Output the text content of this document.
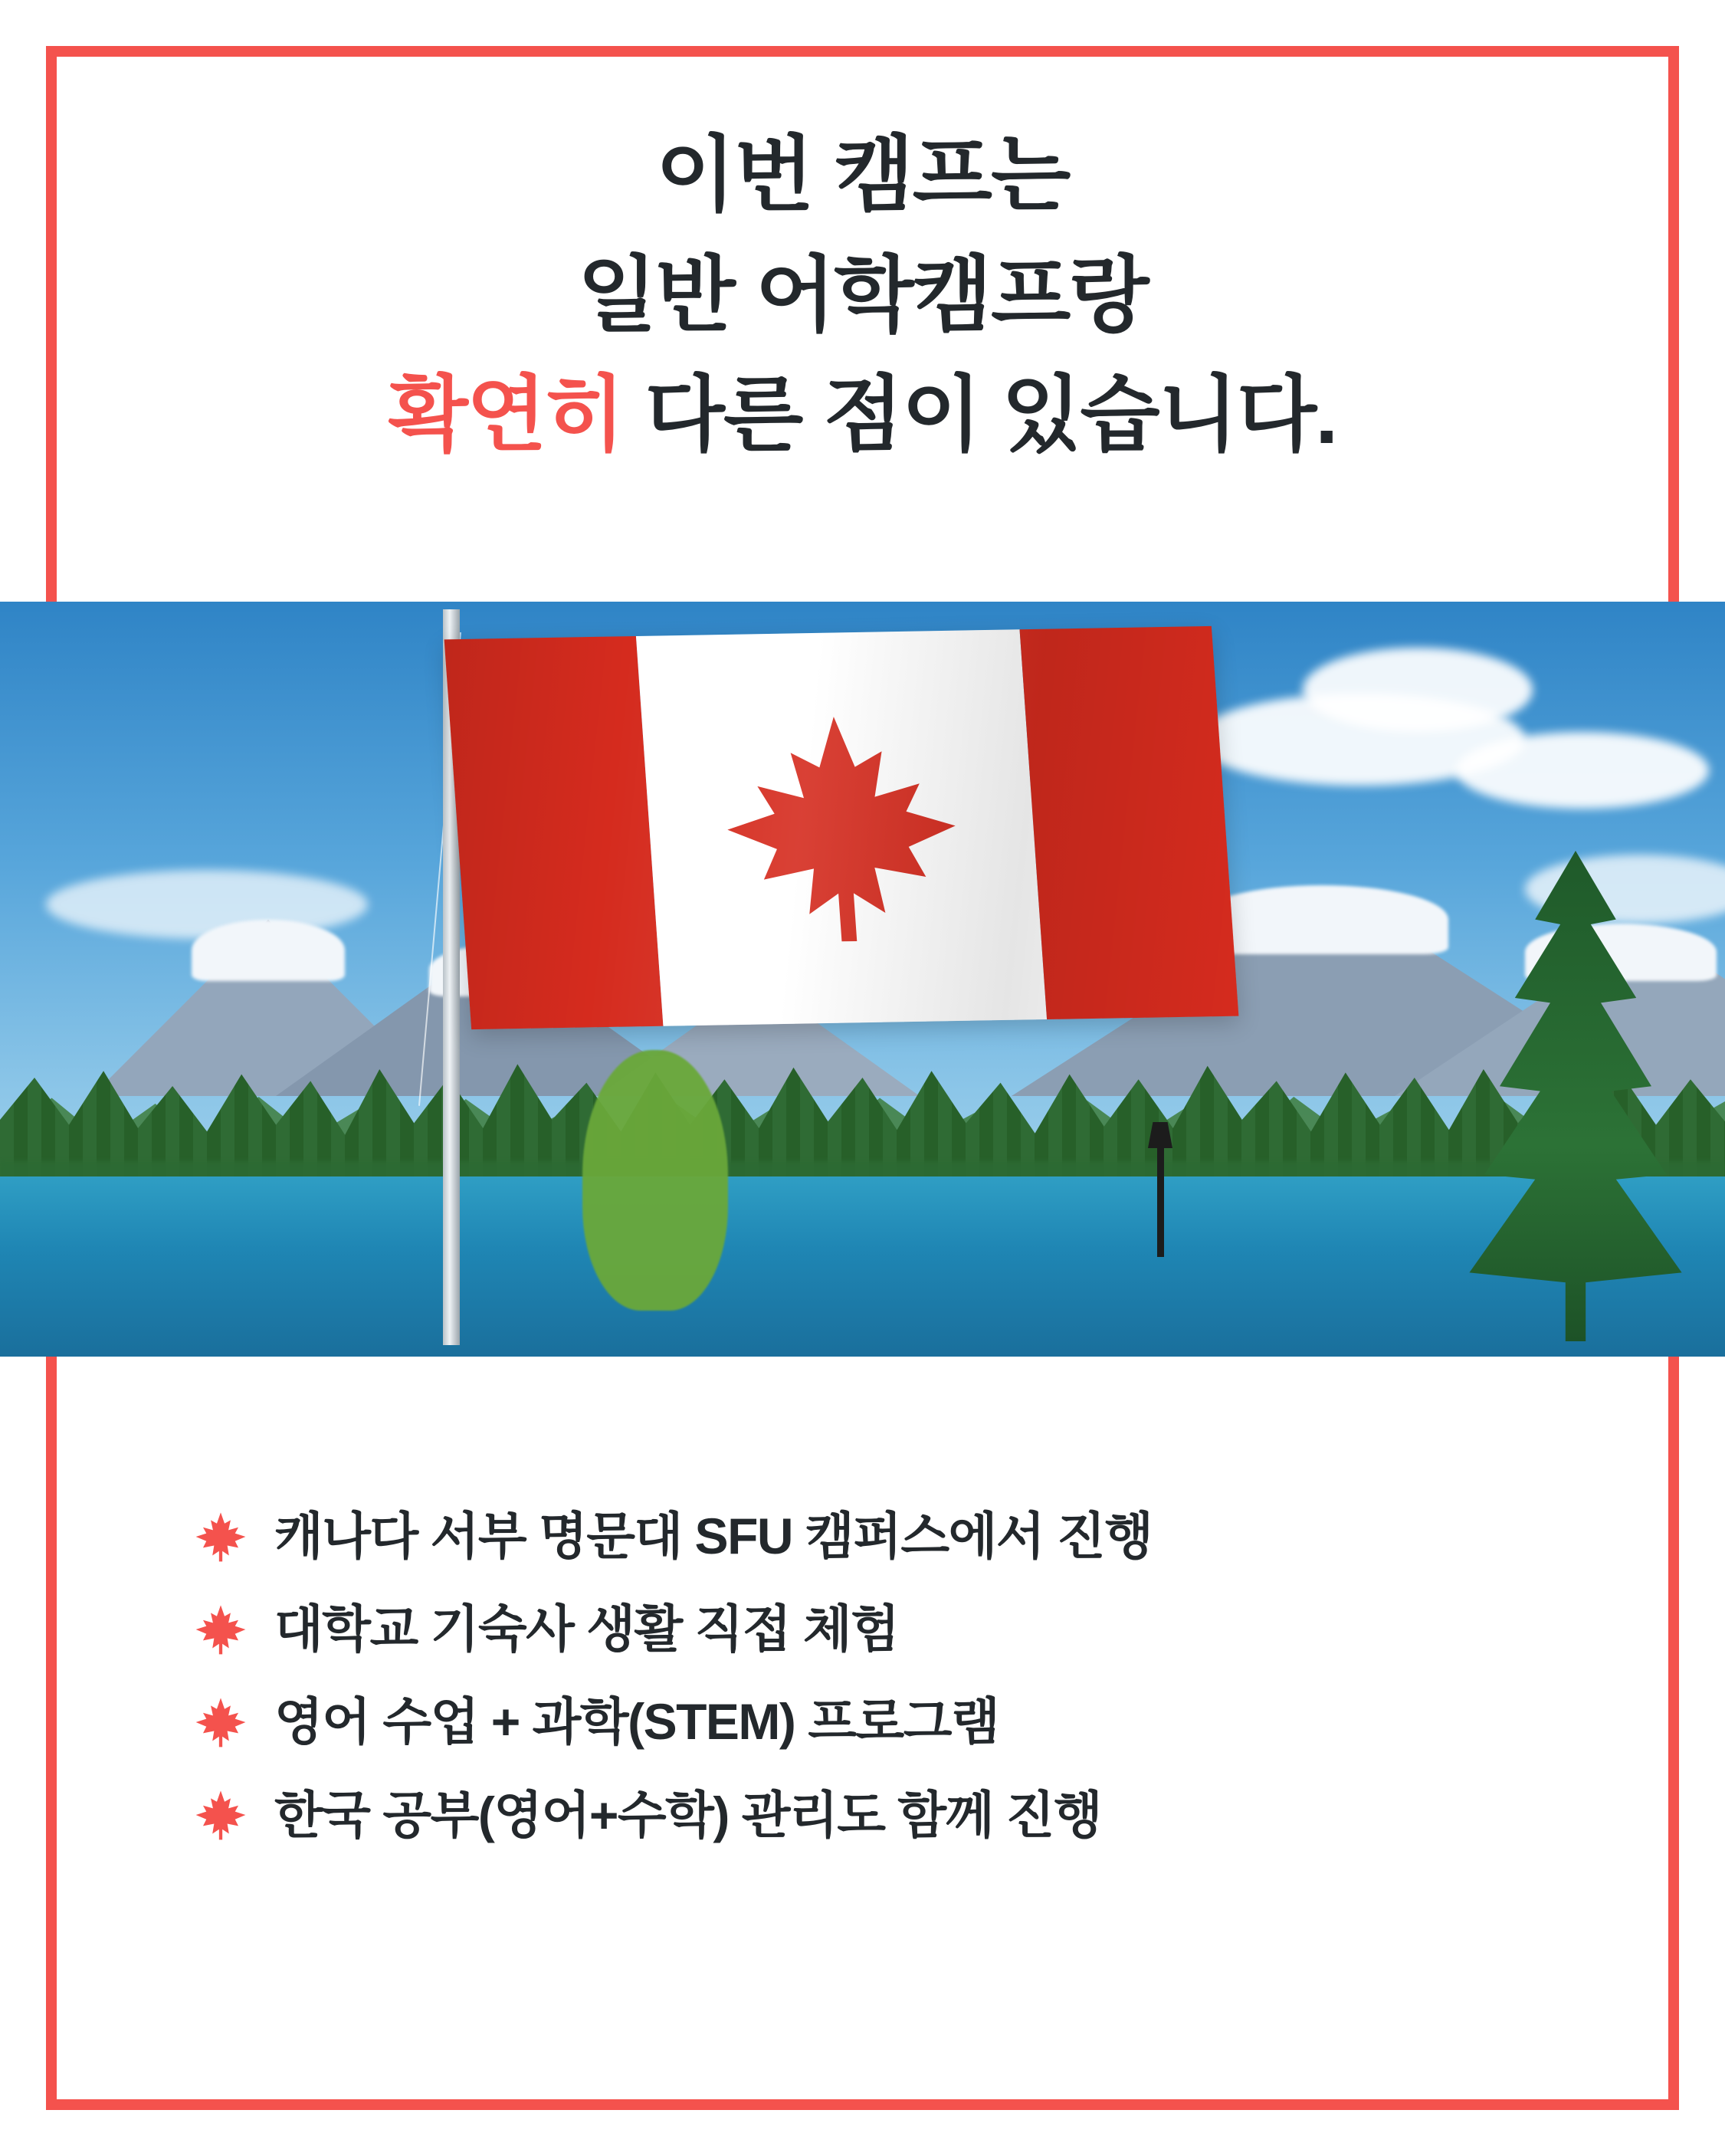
이번 캠프는
일반 어학캠프랑
확연히 다른 점이 있습니다.
캐나다 서부 명문대 SFU 캠퍼스에서 진행
대학교 기숙사 생활 직접 체험
영어 수업 + 과학(STEM) 프로그램
한국 공부(영어+수학) 관리도 함께 진행
